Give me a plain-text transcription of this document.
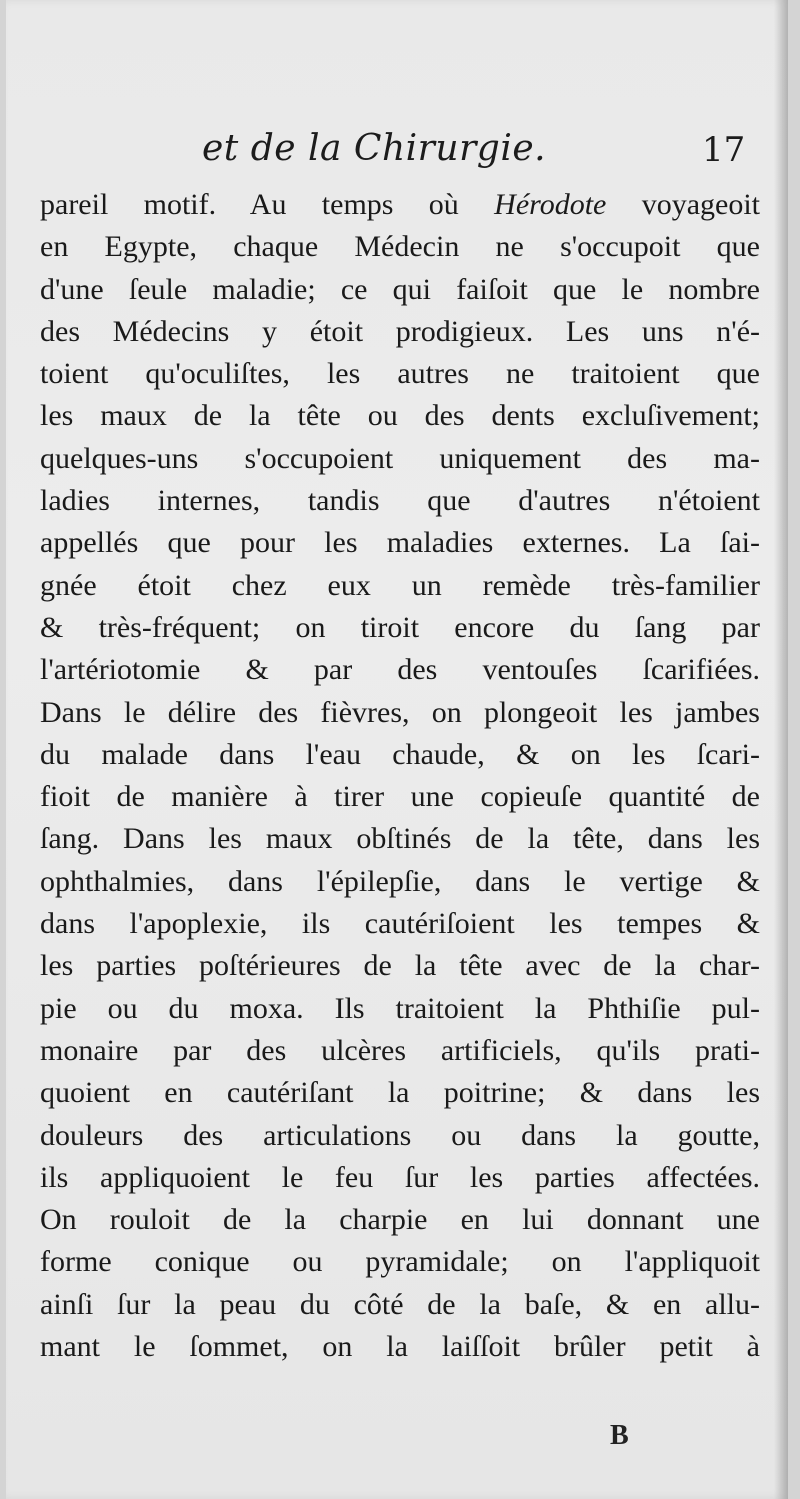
et de la Chirurgie.	17
pareil motif. Au temps où Hérodote voyageoit
en Egypte, chaque Médecin ne s'occupoit que
d'une ſeule maladie; ce qui faiſoit que le nombre
des Médecins y étoit prodigieux. Les uns n'é-
toient qu'oculiſtes, les autres ne traitoient que
les maux de la tête ou des dents excluſivement;
quelques-uns s'occupoient uniquement des ma-
ladies internes, tandis que d'autres n'étoient
appellés que pour les maladies externes. La ſai-
gnée étoit chez eux un remède très-familier
& très-fréquent; on tiroit encore du ſang par
l'artériotomie & par des ventouſes ſcarifiées.
Dans le délire des fièvres, on plongeoit les jambes
du malade dans l'eau chaude, & on les ſcari-
fioit de manière à tirer une copieuſe quantité de
ſang. Dans les maux obſtinés de la tête, dans les
ophthalmies, dans l'épilepſie, dans le vertige &
dans l'apoplexie, ils cautériſoient les tempes &
les parties poſtérieures de la tête avec de la char-
pie ou du moxa. Ils traitoient la Phthiſie pul-
monaire par des ulcères artificiels, qu'ils prati-
quoient en cautériſant la poitrine; & dans les
douleurs des articulations ou dans la goutte,
ils appliquoient le feu ſur les parties affectées.
On rouloit de la charpie en lui donnant une
forme conique ou pyramidale; on l'appliquoit
ainſi ſur la peau du côté de la baſe, & en allu-
mant le ſommet, on la laiſſoit brûler petit à
B
